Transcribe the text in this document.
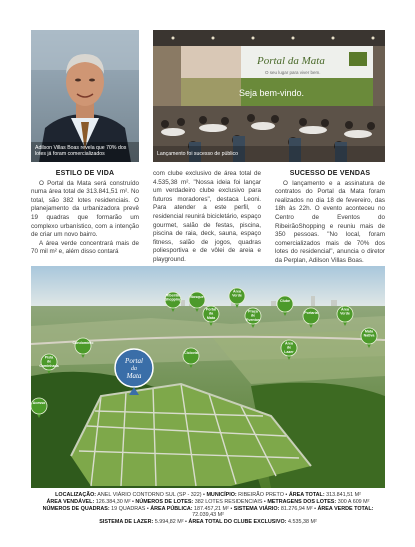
Adilson Villas Boas revela que 70% dos lotes já foram comercializados
Portal da Mata
O seu lugar para viver bem.
Seja bem-vindo.
Lançamento foi sucesso de público
ESTILO DE VIDA

O Portal da Mata será construído numa área total de 313.841,51 m². No total, são 382 lotes residenciais. O planejamento da urbanizadora prevê 19 quadras que formarão um complexo urbanístico, com a intenção de criar um novo bairro.

A área verde concentrará mais de 70 mil m² e, além disso contará

com clube exclusivo de área total de 4.535,38 m². "Nossa ideia foi lançar um verdadeiro clube exclusivo para futuros moradores", destaca Leoni. Para atender a este perfil, o residencial reunirá bicicletário, espaço gourmet, salão de festas, piscina, piscina de raia, deck, sauna, espaço fitness, salão de jogos, quadras poliesportiva e de vôlei de areia e playground.

SUCESSO DE VENDAS

O lançamento e a assinatura de contratos do Portal da Mata foram realizados no dia 18 de fevereiro, das 18h às 22h. O evento aconteceu no Centro de Eventos do RibeirãoShopping e reuniu mais de 350 pessoas. "No local, foram comercializados mais de 70% dos lotes do residencial", anuncia o diretor da Perplan, Adilson Villas Boas.

Pista
de
Caminhada
Ribeirão
Shopping
Bosque
Área
Verde
Portal
da
Mata
Praça
de
Eventos
Clube
Portaria
Área
Verde
Mata
Nativa
Condomínio
Ciclovia
Área
de
Lazer
Acesso
Portal
da
Mata
LOCALIZAÇÃO: ANEL VIÁRIO CONTORNO SUL (SP - 322) • MUNICÍPIO: RIBEIRÃO PRETO • ÁREA TOTAL: 313.841,51 M²
ÁREA VENDÁVEL: 126.384,30 M² • NÚMEROS DE LOTES: 382 LOTES RESIDENCIAIS • METRAGENS DOS LOTES: 300 A 609 M²
NÚMEROS DE QUADRAS: 19 QUADRAS • ÁREA PÚBLICA: 187.457,21 M² • SISTEMA VIÁRIO: 81.276,94 M² • ÁREA VERDE TOTAL: 72.039,43 M²
SISTEMA DE LAZER: 5.994,82 M² • ÁREA TOTAL DO CLUBE EXCLUSIVO: 4.535,38 M²
